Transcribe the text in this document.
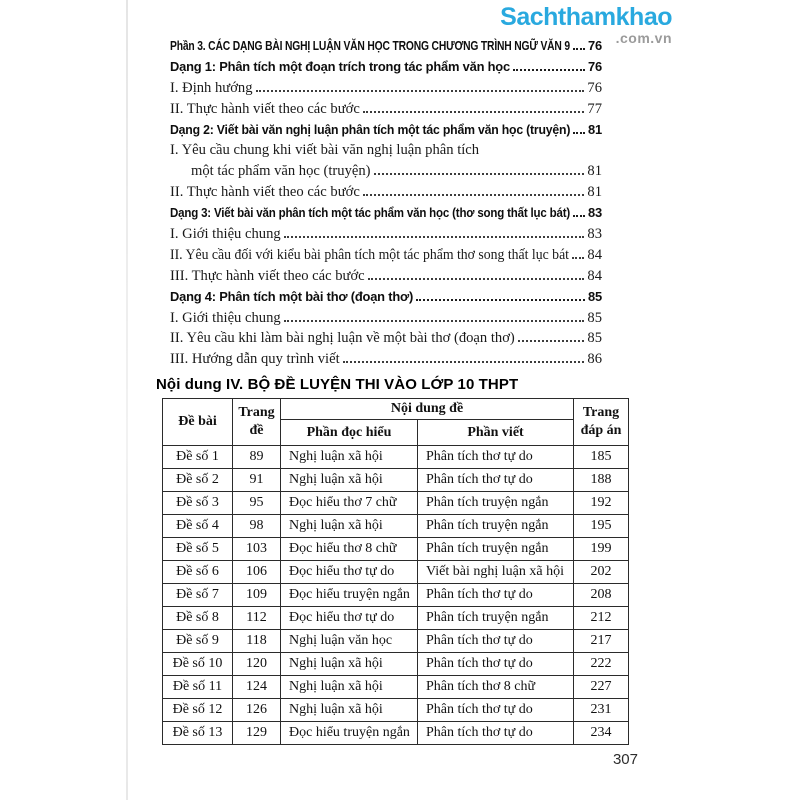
Sachthamkhao
.com.vn
Phần 3. CÁC DẠNG BÀI NGHỊ LUẬN VĂN HỌC TRONG CHƯƠNG TRÌNH NGỮ VĂN 9 76
Dạng 1: Phân tích một đoạn trích trong tác phẩm văn học	76
I. Định hướng	76
II. Thực hành viết theo các bước	77
Dạng 2: Viết bài văn nghị luận phân tích một tác phẩm văn học (truyện) 81
I. Yêu cầu chung khi viết bài văn nghị luận phân tích
một tác phẩm văn học (truyện)	81
II. Thực hành viết theo các bước	81
Dạng 3: Viết bài văn phân tích một tác phẩm văn học (thơ song thất lục bát) 83
I. Giới thiệu chung	83
II. Yêu cầu đối với kiểu bài phân tích một tác phẩm thơ song thất lục bát 84
III. Thực hành viết theo các bước	84
Dạng 4: Phân tích một bài thơ (đoạn thơ)	85
I. Giới thiệu chung	85
II. Yêu cầu khi làm bài nghị luận về một bài thơ (đoạn thơ)	85
III. Hướng dẫn quy trình viết	86
Nội dung IV. BỘ ĐỀ LUYỆN THI VÀO LỚP 10 THPT
Đề bài	Trang đề	Nội dung đề		Trang đáp án
		Phần đọc hiểu	Phần viết	
Đề số 1	89	Nghị luận xã hội	Phân tích thơ tự do	185
Đề số 2	91	Nghị luận xã hội	Phân tích thơ tự do	188
Đề số 3	95	Đọc hiểu thơ 7 chữ	Phân tích truyện ngắn	192
Đề số 4	98	Nghị luận xã hội	Phân tích truyện ngắn	195
Đề số 5	103	Đọc hiểu thơ 8 chữ	Phân tích truyện ngắn	199
Đề số 6	106	Đọc hiểu thơ tự do	Viết bài nghị luận xã hội	202
Đề số 7	109	Đọc hiểu truyện ngắn	Phân tích thơ tự do	208
Đề số 8	112	Đọc hiểu thơ tự do	Phân tích truyện ngắn	212
Đề số 9	118	Nghị luận văn học	Phân tích thơ tự do	217
Đề số 10	120	Nghị luận xã hội	Phân tích thơ tự do	222
Đề số 11	124	Nghị luận xã hội	Phân tích thơ 8 chữ	227
Đề số 12	126	Nghị luận xã hội	Phân tích thơ tự do	231
Đề số 13	129	Đọc hiểu truyện ngắn	Phân tích thơ tự do	234
307
